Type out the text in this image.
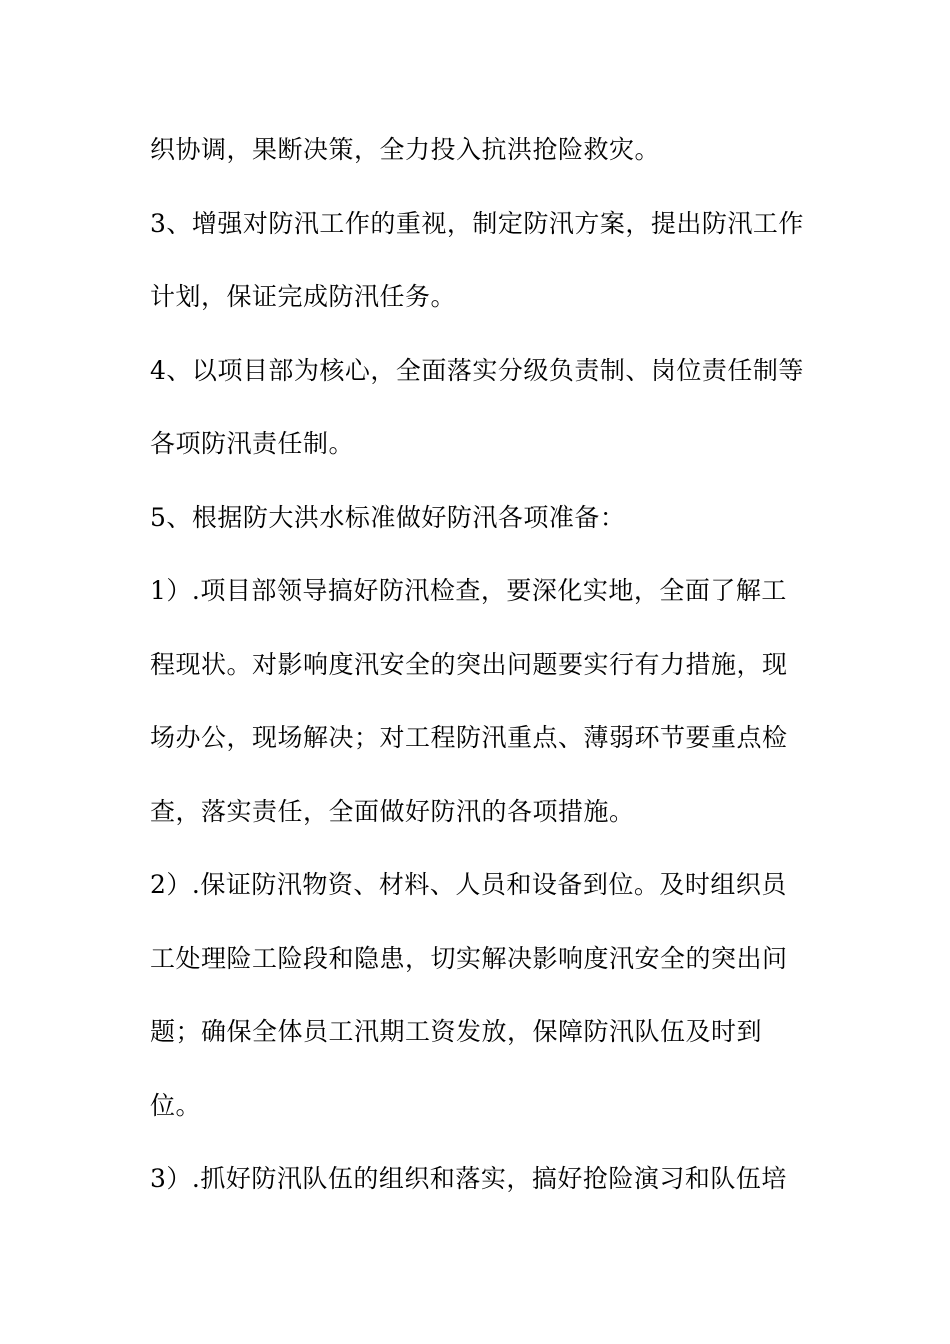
织协调，果断决策，全力投入抗洪抢险救灾。
3、增强对防汛工作的重视，制定防汛方案，提出防汛工作
计划，保证完成防汛任务。
4、以项目部为核心，全面落实分级负责制、岗位责任制等
各项防汛责任制。
5、根据防大洪水标准做好防汛各项准备：
1）.项目部领导搞好防汛检查，要深化实地，全面了解工
程现状。对影响度汛安全的突出问题要实行有力措施，现
场办公，现场解决；对工程防汛重点、薄弱环节要重点检
查，落实责任，全面做好防汛的各项措施。
2）.保证防汛物资、材料、人员和设备到位。及时组织员
工处理险工险段和隐患，切实解决影响度汛安全的突出问
题；确保全体员工汛期工资发放，保障防汛队伍及时到
位。
3）.抓好防汛队伍的组织和落实，搞好抢险演习和队伍培
